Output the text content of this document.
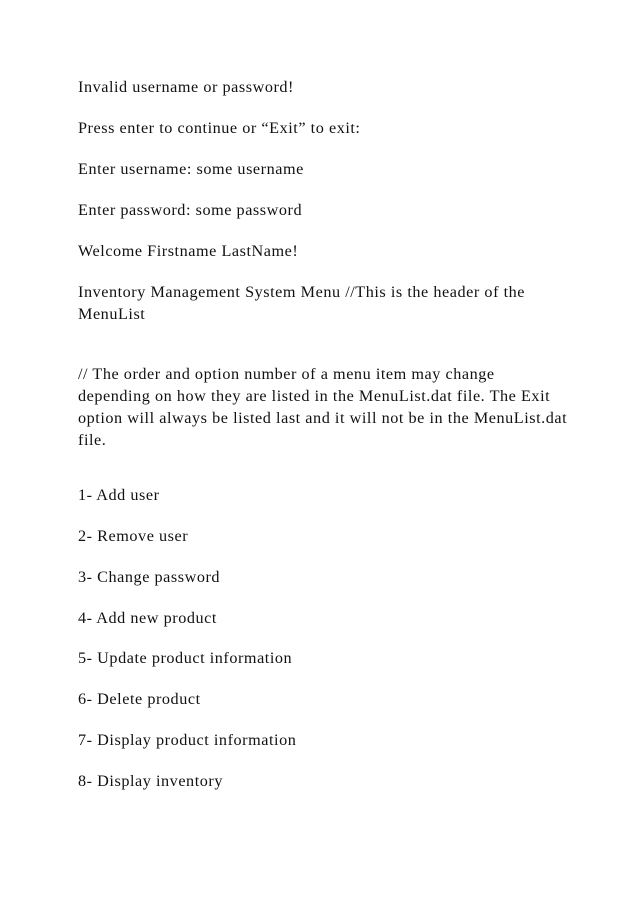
Invalid username or password!

Press enter to continue or “Exit” to exit:

Enter username: some username

Enter password: some password

Welcome Firstname LastName!

Inventory Management System Menu //This is the header of the MenuList

// The order and option number of a menu item may change depending on how they are listed in the MenuList.dat file. The Exit option will always be listed last and it will not be in the MenuList.dat file.

1- Add user

2- Remove user

3- Change password

4- Add new product

5- Update product information

6- Delete product

7- Display product information

8- Display inventory
